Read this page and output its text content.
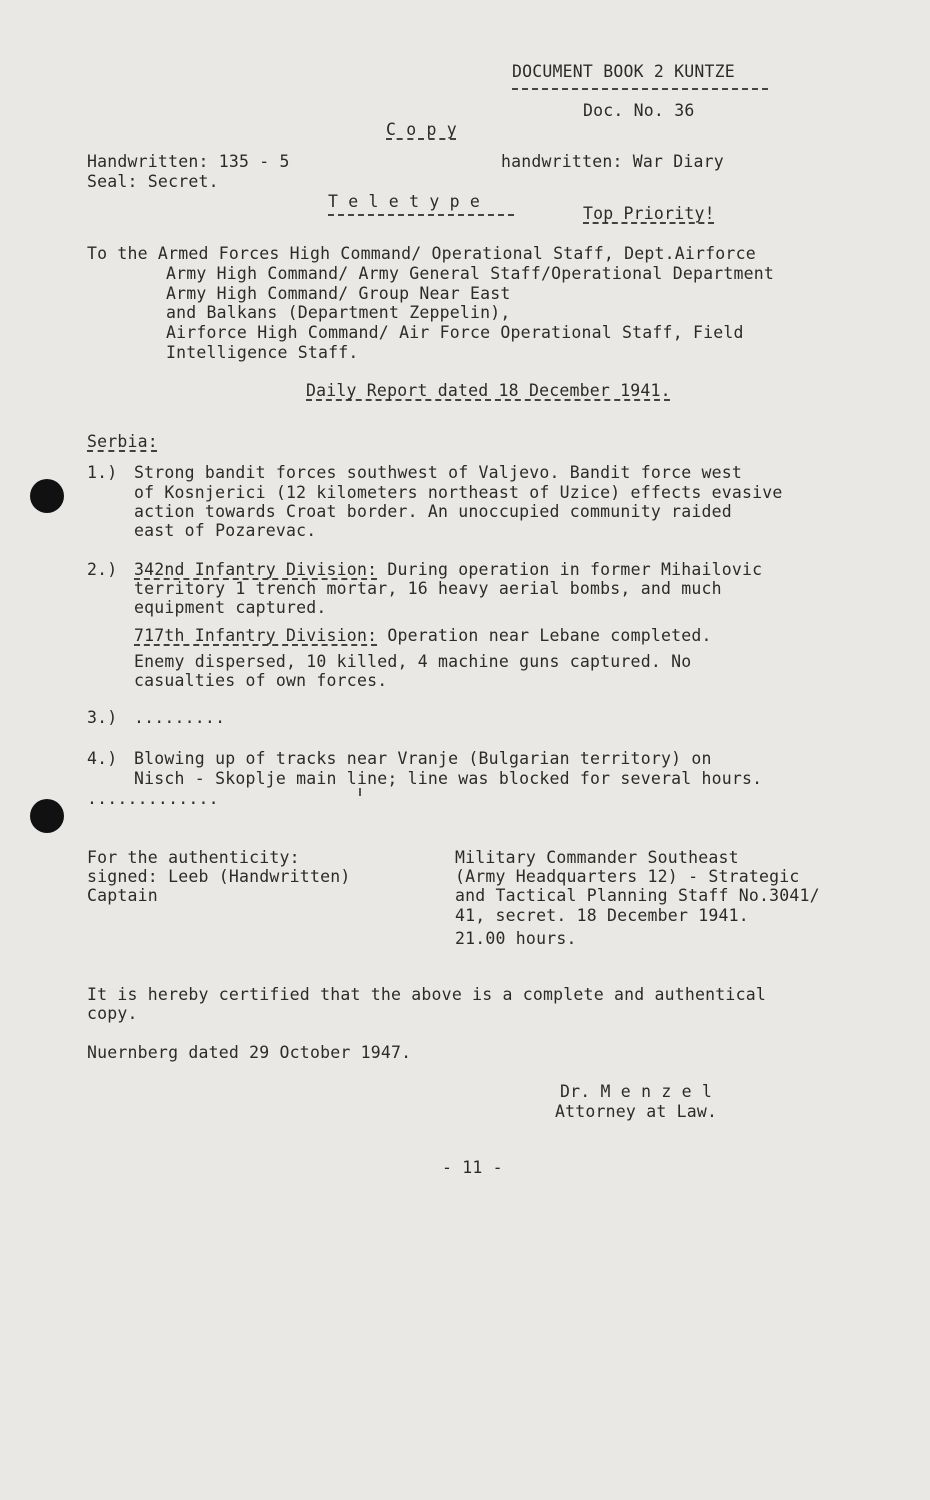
DOCUMENT BOOK 2 KUNTZE
Doc. No. 36
C o p y
Handwritten: 135 - 5
Seal: Secret.
handwritten: War Diary
T e l e t y p e
Top Priority!
To the Armed Forces High Command/ Operational Staff, Dept.Airforce
Army High Command/ Army General Staff/Operational Department
Army High Command/ Group Near East
and Balkans (Department Zeppelin),
Airforce High Command/ Air Force Operational Staff, Field
Intelligence Staff.
Daily Report dated 18 December 1941.
Serbia:
1.) Strong bandit forces southwest of Valjevo. Bandit force west
of Kosnjerici (12 kilometers northeast of Uzice) effects evasive
action towards Croat border. An unoccupied community raided
east of Pozarevac.
2.) 342nd Infantry Division: During operation in former Mihailovic
territory 1 trench mortar, 16 heavy aerial bombs, and much
equipment captured.
717th Infantry Division: Operation near Lebane completed.
Enemy dispersed, 10 killed, 4 machine guns captured. No
casualties of own forces.
3.) .........
4.) Blowing up of tracks near Vranje (Bulgarian territory) on
Nisch - Skoplje main line; line was blocked for several hours.
.............
For the authenticity:
signed: Leeb (Handwritten)
Captain
Military Commander Southeast
(Army Headquarters 12) - Strategic
and Tactical Planning Staff No.3041/
41, secret. 18 December 1941.
21.00 hours.
It is hereby certified that the above is a complete and authentical
copy.
Nuernberg dated 29 October 1947.
Dr. M e n z e l
Attorney at Law.
- 11 -
